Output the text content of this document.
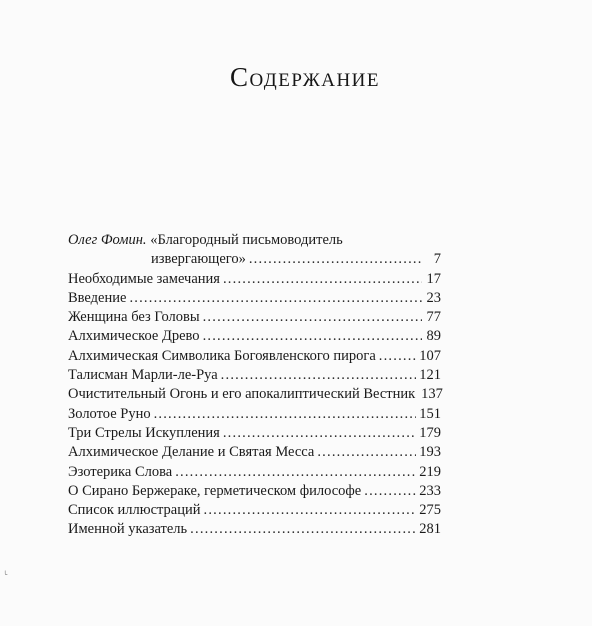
Содержание
Олег Фомин. «Благородный письмоводитель
извергающего» .....	7
Необходимые замечания .....	17
Введение .....	23
Женщина без Головы .....	77
Алхимическое Древо .....	89
Алхимическая Символика Богоявленского пирога .....	107
Талисман Марли-ле-Руа .....	121
Очистительный Огонь и его апокалиптический Вестник 137
Золотое Руно .....	151
Три Стрелы Искупления .....	179
Алхимическое Делание и Святая Месса .....	193
Эзотерика Слова .....	219
О Сирано Бержераке, герметическом философе .....	233
Список иллюстраций .....	275
Именной указатель .....	281
╰
